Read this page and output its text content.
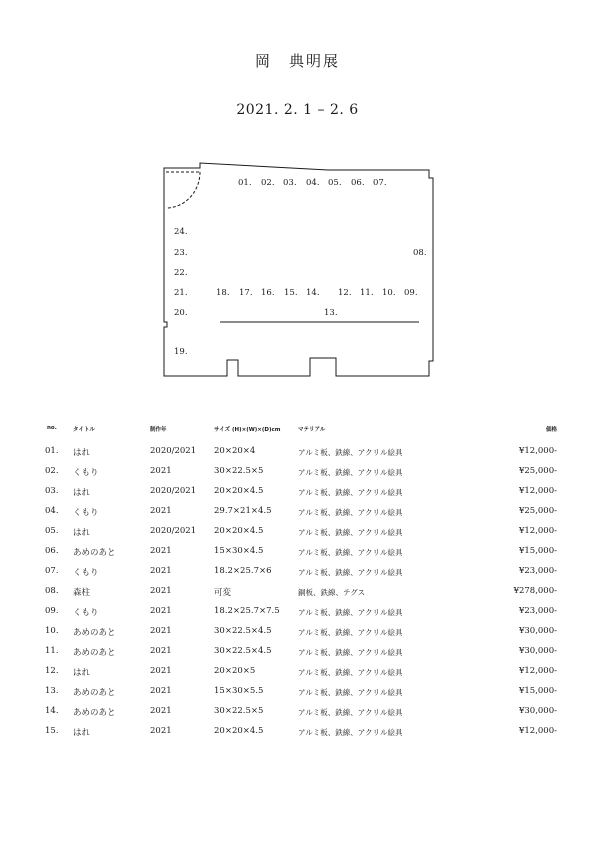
岡　典明展
2021. 2. 1 – 2. 6
01. 02. 03. 04. 05. 06. 07.
24.
23.
22.
21.
20.
19.
08.
18. 17. 16. 15. 14. 12. 11. 10. 09.
13.
no.	タイトル	制作年	サイズ (H)×(W)×(D)cm	マテリアル	価格
01. はれ	2020/2021 20×20×4	アルミ板、鉄線、アクリル絵具	¥12,000-
02. くもり	2021	30×22.5×5	アルミ板、鉄線、アクリル絵具	¥25,000-
03. はれ	2020/2021 20×20×4.5	アルミ板、鉄線、アクリル絵具	¥12,000-
04. くもり	2021	29.7×21×4.5	アルミ板、鉄線、アクリル絵具	¥25,000-
05. はれ	2020/2021 20×20×4.5	アルミ板、鉄線、アクリル絵具	¥12,000-
06. あめのあと	2021	15×30×4.5	アルミ板、鉄線、アクリル絵具	¥15,000-
07. くもり	2021	18.2×25.7×6	アルミ板、鉄線、アクリル絵具	¥23,000-
08. 森柱	2021	可変	銅板、鉄線、テグス	¥278,000-
09. くもり	2021	18.2×25.7×7.5 アルミ板、鉄線、アクリル絵具	¥23,000-
10. あめのあと	2021	30×22.5×4.5	アルミ板、鉄線、アクリル絵具	¥30,000-
11. あめのあと	2021	30×22.5×4.5	アルミ板、鉄線、アクリル絵具	¥30,000-
12. はれ	2021	20×20×5	アルミ板、鉄線、アクリル絵具	¥12,000-
13. あめのあと	2021	15×30×5.5	アルミ板、鉄線、アクリル絵具	¥15,000-
14. あめのあと	2021	30×22.5×5	アルミ板、鉄線、アクリル絵具	¥30,000-
15. はれ	2021	20×20×4.5	アルミ板、鉄線、アクリル絵具	¥12,000-
